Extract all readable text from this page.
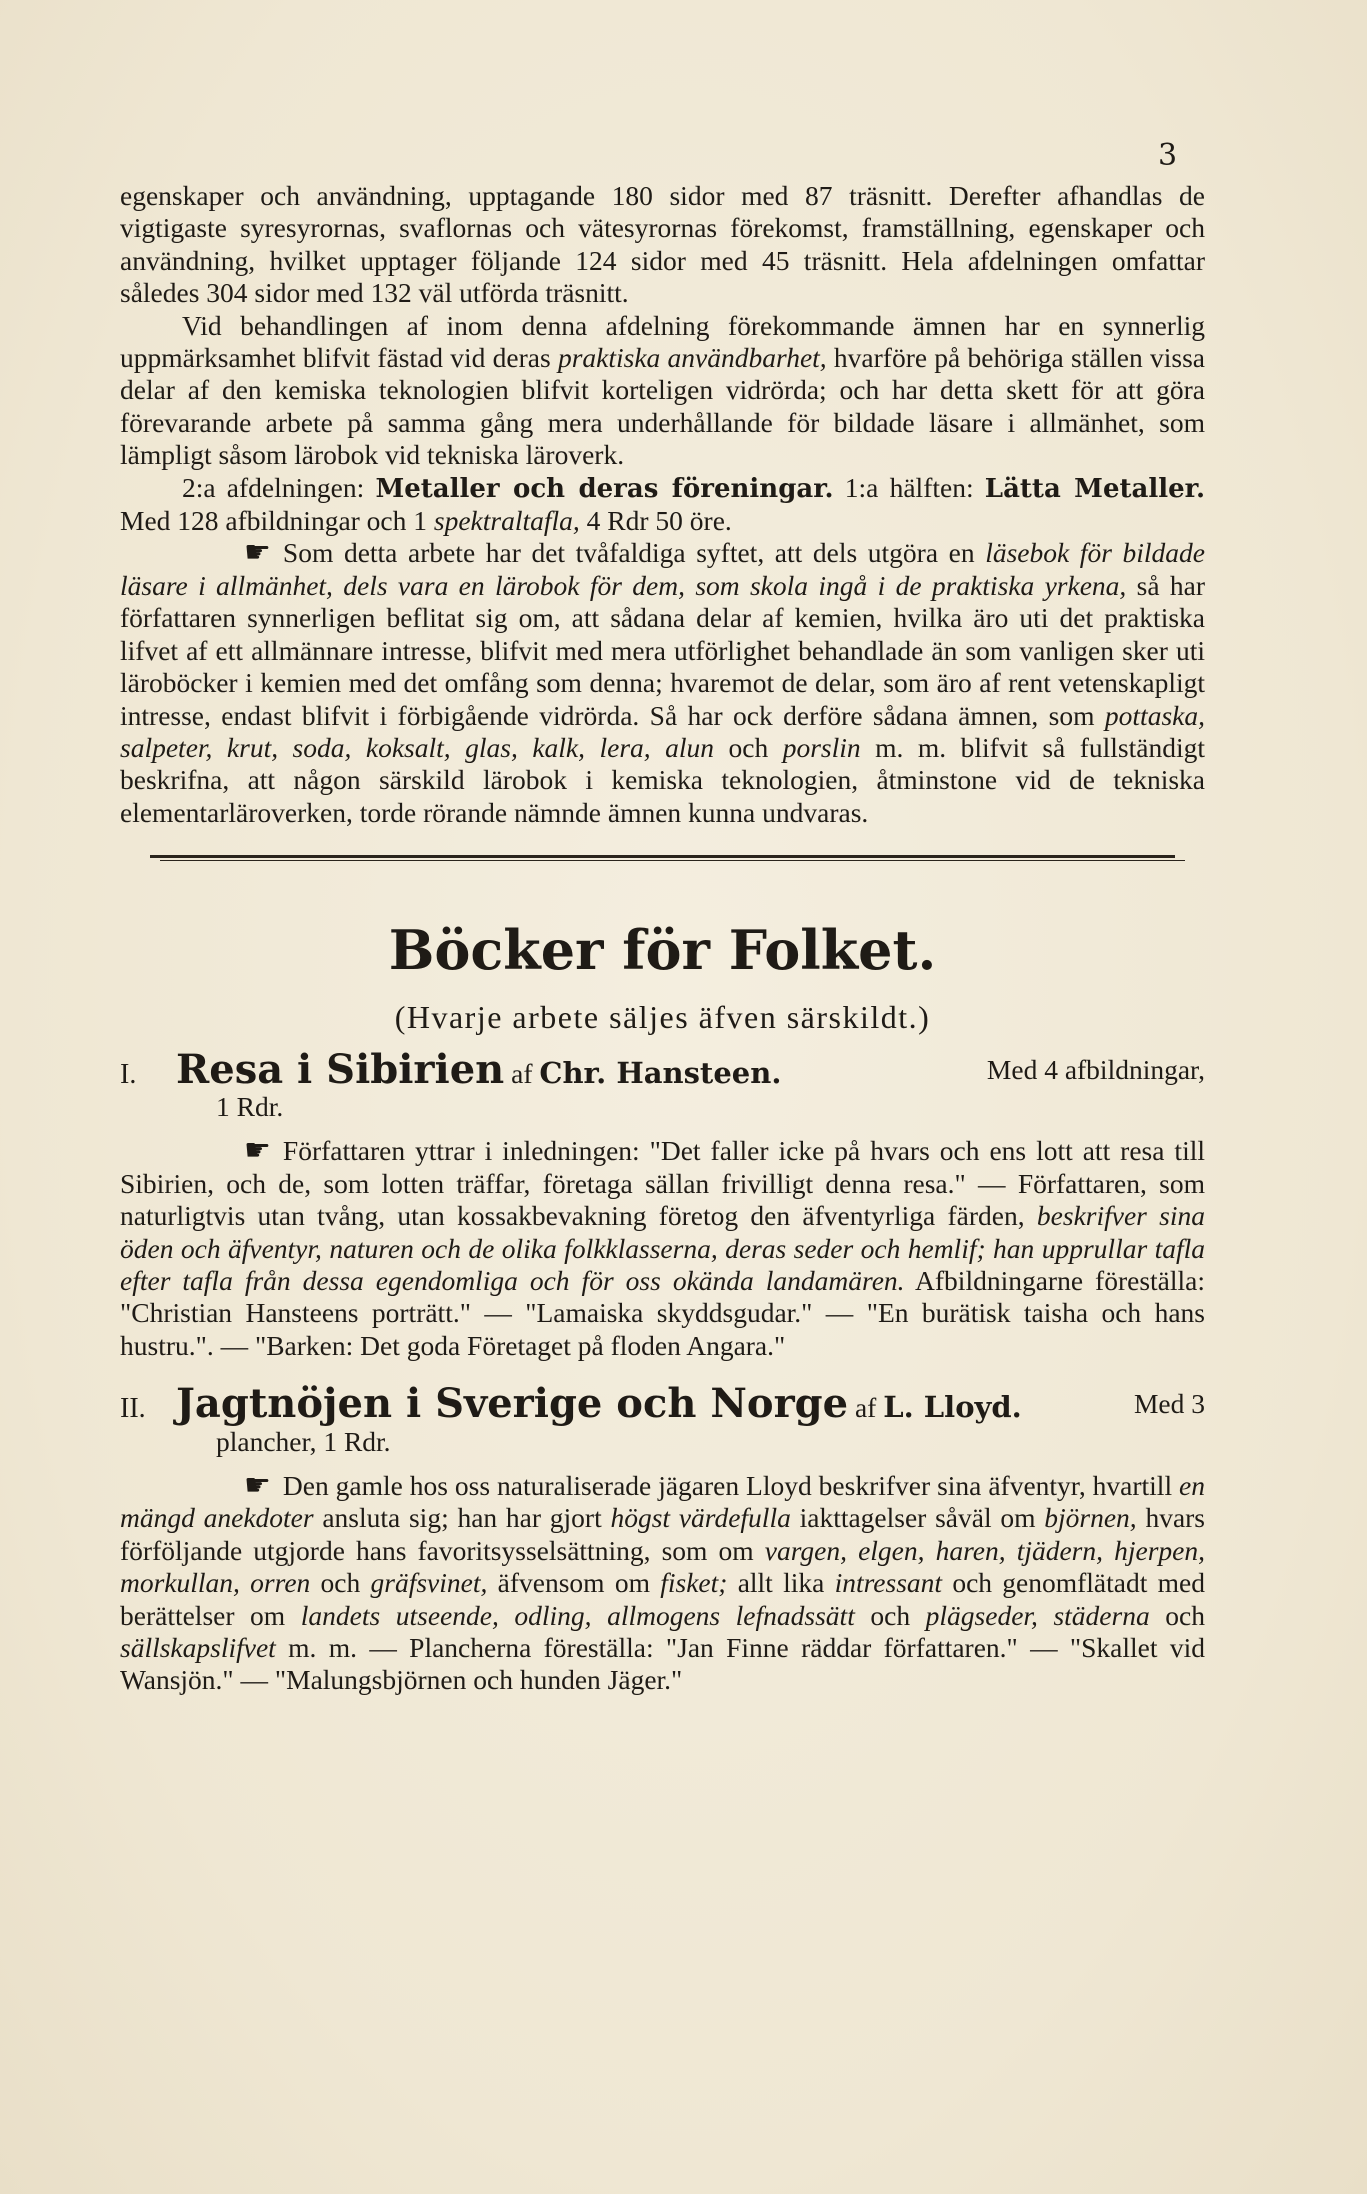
3

egenskaper och användning, upptagande 180 sidor med 87 träsnitt. Derefter afhandlas de vigtigaste syresyrornas, svaflornas och vätesyrornas förekomst, framställning, egenskaper och användning, hvilket upptager följande 124 sidor med 45 träsnitt. Hela afdelningen omfattar således 304 sidor med 132 väl utförda träsnitt.

Vid behandlingen af inom denna afdelning förekommande ämnen har en synnerlig uppmärksamhet blifvit fästad vid deras praktiska användbarhet, hvarföre på behöriga ställen vissa delar af den kemiska teknologien blifvit korteligen vidrörda; och har detta skett för att göra förevarande arbete på samma gång mera underhållande för bildade läsare i allmänhet, som lämpligt såsom lärobok vid tekniska läroverk.

2:a afdelningen: Metaller och deras föreningar. 1:a hälften: Lätta Metaller. Med 128 afbildningar och 1 spektraltafla, 4 Rdr 50 öre.

☛ Som detta arbete har det tvåfaldiga syftet, att dels utgöra en läsebok för bildade läsare i allmänhet, dels vara en lärobok för dem, som skola ingå i de praktiska yrkena, så har författaren synnerligen beflitat sig om, att sådana delar af kemien, hvilka äro uti det praktiska lifvet af ett allmännare intresse, blifvit med mera utförlighet behandlade än som vanligen sker uti läroböcker i kemien med det omfång som denna; hvaremot de delar, som äro af rent vetenskapligt intresse, endast blifvit i förbigående vidrörda. Så har ock derföre sådana ämnen, som pottaska, salpeter, krut, soda, koksalt, glas, kalk, lera, alun och porslin m. m. blifvit så fullständigt beskrifna, att någon särskild lärobok i kemiska teknologien, åtminstone vid de tekniska elementarläroverken, torde rörande nämnde ämnen kunna undvaras.

Böcker för Folket.
(Hvarje arbete säljes äfven särskildt.)
I. Resa i Sibirien af Chr. Hansteen.	Med 4 afbildningar,
1 Rdr.

☛ Författaren yttrar i inledningen: "Det faller icke på hvars och ens lott att resa till Sibirien, och de, som lotten träffar, företaga sällan frivilligt denna resa." — Författaren, som naturligtvis utan tvång, utan kossakbevakning företog den äfventyrliga färden, beskrifver sina öden och äfventyr, naturen och de olika folkklasserna, deras seder och hemlif; han upprullar tafla efter tafla från dessa egendomliga och för oss okända landamären. Afbildningarne föreställa: "Christian Hansteens porträtt." — "Lamaiska skyddsgudar." — "En burätisk taisha och hans hustru.". — "Barken: Det goda Företaget på floden Angara."

II. Jagtnöjen i Sverige och Norge af L. Lloyd.	Med 3
plancher, 1 Rdr.

☛ Den gamle hos oss naturaliserade jägaren Lloyd beskrifver sina äfventyr, hvartill en mängd anekdoter ansluta sig; han har gjort högst värdefulla iakttagelser såväl om björnen, hvars förföljande utgjorde hans favoritsysselsättning, som om vargen, elgen, haren, tjädern, hjerpen, morkullan, orren och gräfsvinet, äfvensom om fisket; allt lika intressant och genomflätadt med berättelser om landets utseende, odling, allmogens lefnadssätt och plägseder, städerna och sällskapslifvet m. m. — Plancherna föreställa: "Jan Finne räddar författaren." — "Skallet vid Wansjön." — "Malungsbjörnen och hunden Jäger."
